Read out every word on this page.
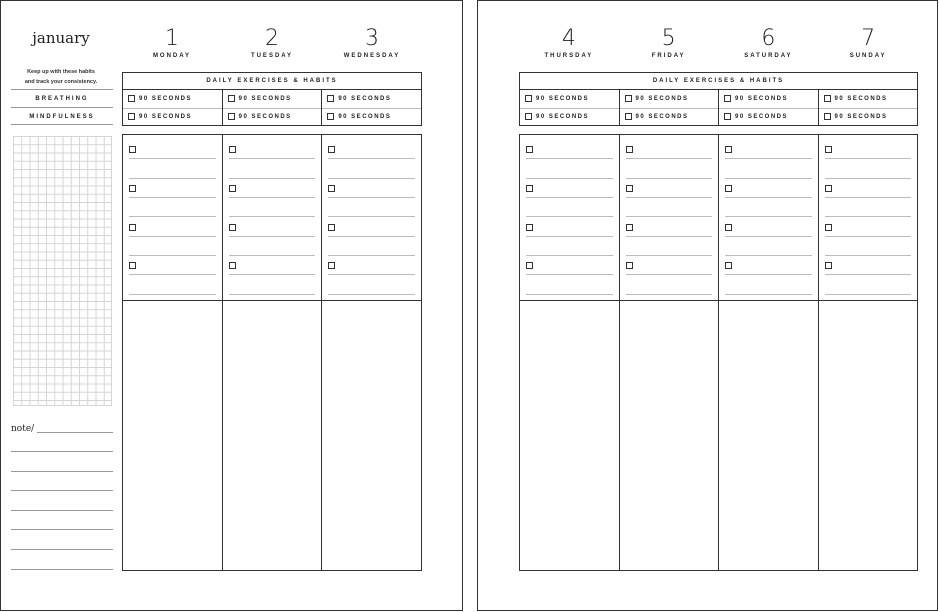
january
Keep up with these habits
and track your consistency.
BREATHING
MINDFULNESS
note/
1
MONDAY
2
TUESDAY
3
WEDNESDAY
DAILY EXERCISES & HABITS
90 SECONDS
90 SECONDS
90 SECONDS
90 SECONDS
90 SECONDS
90 SECONDS
4
THURSDAY
5
FRIDAY
6
SATURDAY
7
SUNDAY
DAILY EXERCISES & HABITS
90 SECONDS
90 SECONDS
90 SECONDS
90 SECONDS
90 SECONDS
90 SECONDS
90 SECONDS
90 SECONDS
